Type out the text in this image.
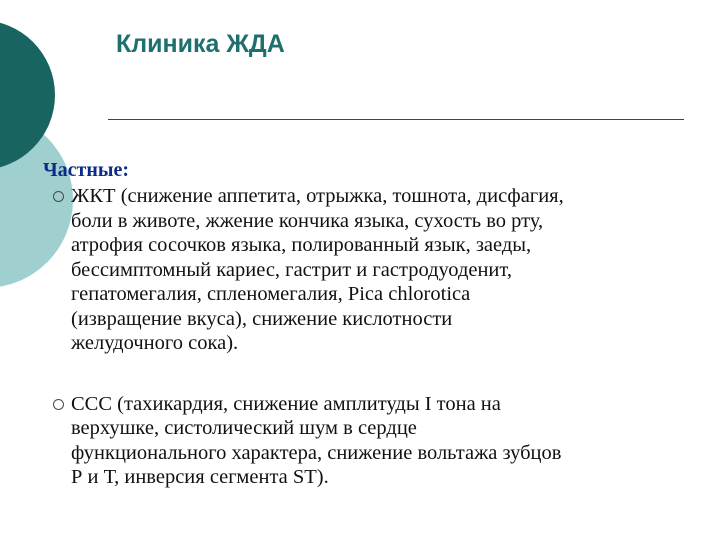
Клиника ЖДА
Частные:
ЖКТ (снижение аппетита, отрыжка, тошнота, дисфагия,
боли в животе, жжение кончика языка, сухость во рту,
атрофия сосочков языка, полированный язык, заеды,
бессимптомный кариес, гастрит и гастродуоденит,
гепатомегалия, спленомегалия, Pica chlorotica
(извращение вкуса), снижение кислотности
желудочного сока).
ССС (тахикардия, снижение амплитуды I тона на
верхушке, систолический шум в сердце
функционального характера, снижение вольтажа зубцов
Р и Т, инверсия сегмента ST).
